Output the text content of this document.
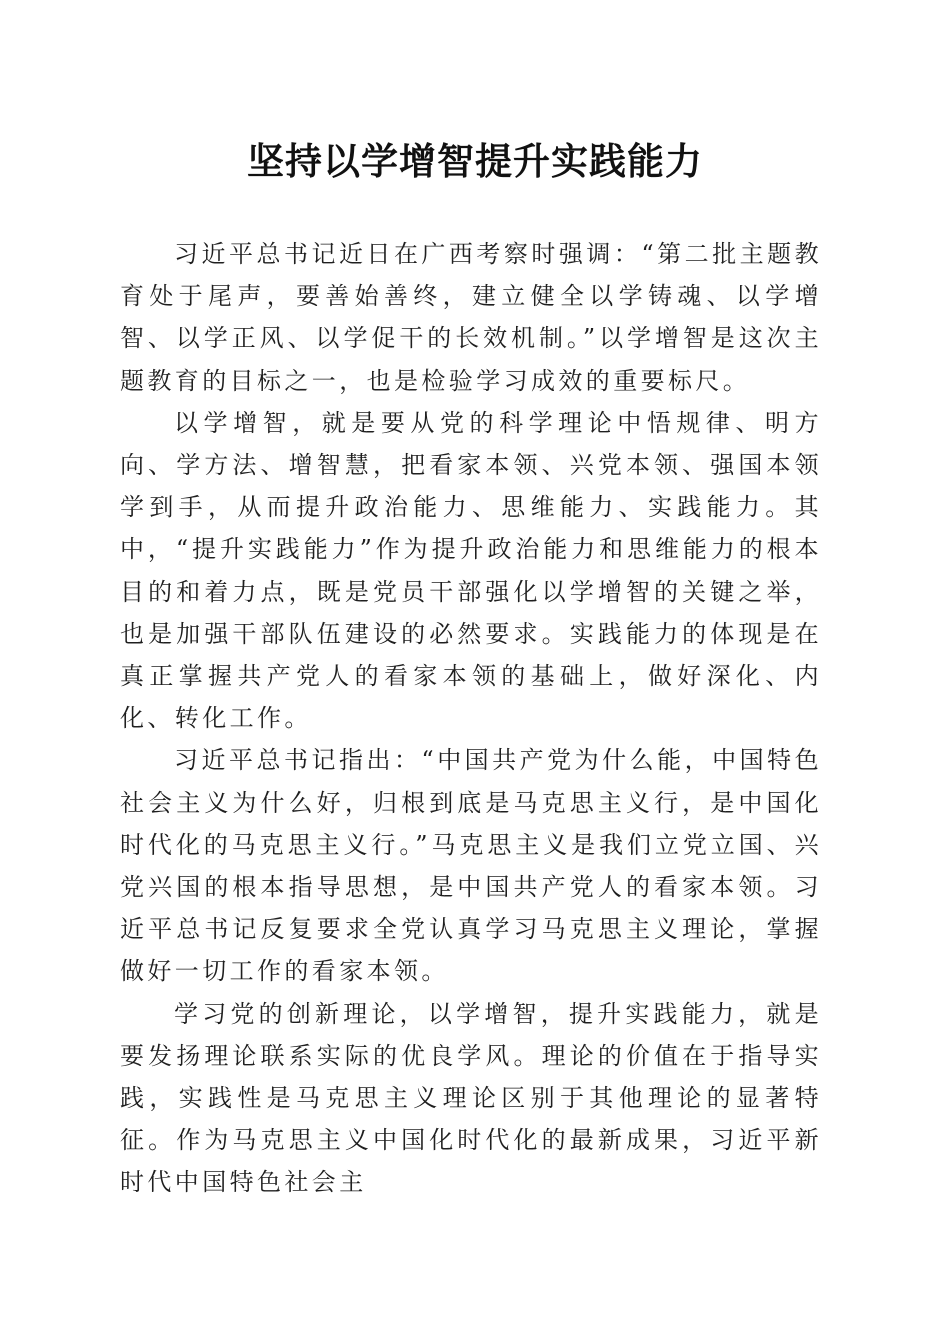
坚持以学增智提升实践能力

习近平总书记近日在广西考察时强调：“第二批主题教育处于尾声，要善始善终，建立健全以学铸魂、以学增智、以学正风、以学促干的长效机制。”以学增智是这次主题教育的目标之一，也是检验学习成效的重要标尺。

以学增智，就是要从党的科学理论中悟规律、明方向、学方法、增智慧，把看家本领、兴党本领、强国本领学到手，从而提升政治能力、思维能力、实践能力。其中，“提升实践能力”作为提升政治能力和思维能力的根本目的和着力点，既是党员干部强化以学增智的关键之举，也是加强干部队伍建设的必然要求。实践能力的体现是在真正掌握共产党人的看家本领的基础上，做好深化、内化、转化工作。

习近平总书记指出：“中国共产党为什么能，中国特色社会主义为什么好，归根到底是马克思主义行，是中国化时代化的马克思主义行。”马克思主义是我们立党立国、兴党兴国的根本指导思想，是中国共产党人的看家本领。习近平总书记反复要求全党认真学习马克思主义理论，掌握做好一切工作的看家本领。

学习党的创新理论，以学增智，提升实践能力，就是要发扬理论联系实际的优良学风。理论的价值在于指导实践，实践性是马克思主义理论区别于其他理论的显著特征。作为马克思主义中国化时代化的最新成果，习近平新时代中国特色社会主
